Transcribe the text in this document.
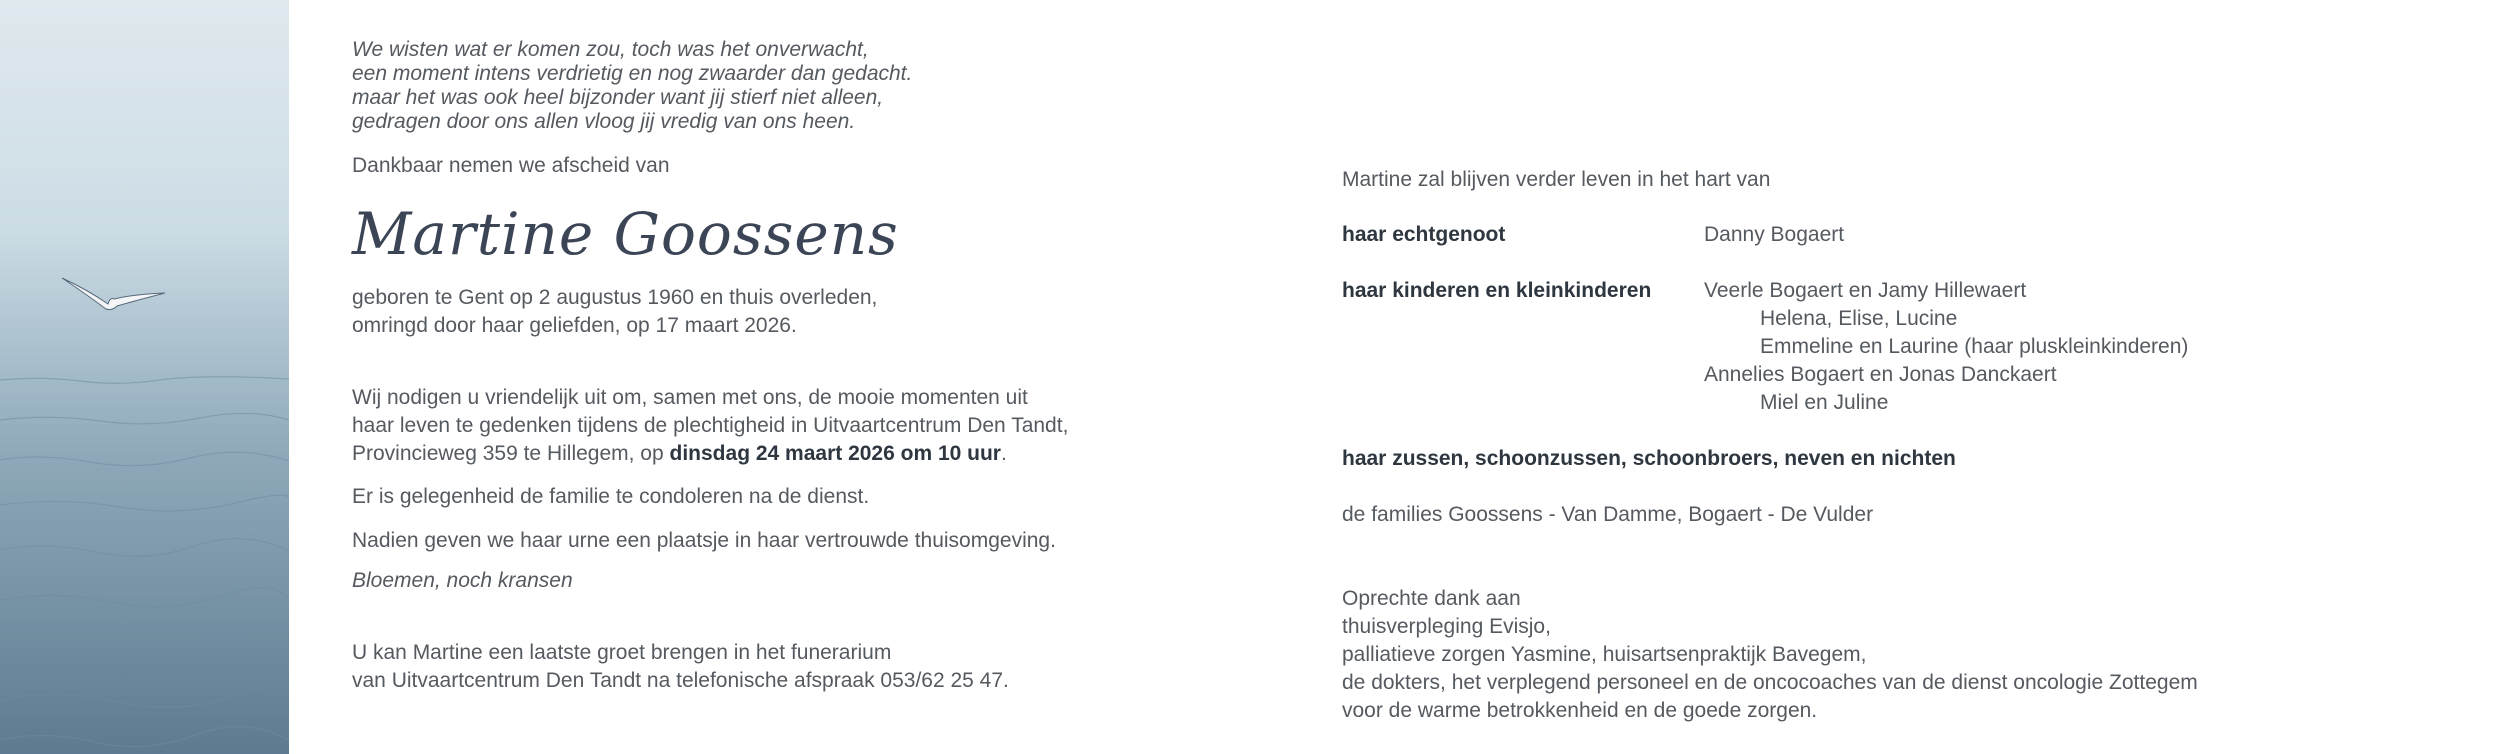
We wisten wat er komen zou, toch was het onverwacht,
een moment intens verdrietig en nog zwaarder dan gedacht.
maar het was ook heel bijzonder want jij stierf niet alleen,
gedragen door ons allen vloog jij vredig van ons heen.

Dankbaar nemen we afscheid van

Martine Goossens

geboren te Gent op 2 augustus 1960 en thuis overleden,
omringd door haar geliefden, op 17 maart 2026.

Wij nodigen u vriendelijk uit om, samen met ons, de mooie momenten uit
haar leven te gedenken tijdens de plechtigheid in Uitvaartcentrum Den Tandt,
Provincieweg 359 te Hillegem, op dinsdag 24 maart 2026 om 10 uur.

Er is gelegenheid de familie te condoleren na de dienst.

Nadien geven we haar urne een plaatsje in haar vertrouwde thuisomgeving.

Bloemen, noch kransen

U kan Martine een laatste groet brengen in het funerarium
van Uitvaartcentrum Den Tandt na telefonische afspraak 053/62 25 47.

Martine zal blijven verder leven in het hart van

haar echtgenoot	Danny Bogaert
haar kinderen en kleinkinderen	Veerle Bogaert en Jamy Hillewaert
Helena, Elise, Lucine
Emmeline en Laurine (haar pluskleinkinderen)
Annelies Bogaert en Jonas Danckaert
Miel en Juline

haar zussen, schoonzussen, schoonbroers, neven en nichten

de families Goossens - Van Damme, Bogaert - De Vulder

Oprechte dank aan
thuisverpleging Evisjo,
palliatieve zorgen Yasmine, huisartsenpraktijk Bavegem,
de dokters, het verplegend personeel en de oncocoaches van de dienst oncologie Zottegem
voor de warme betrokkenheid en de goede zorgen.
